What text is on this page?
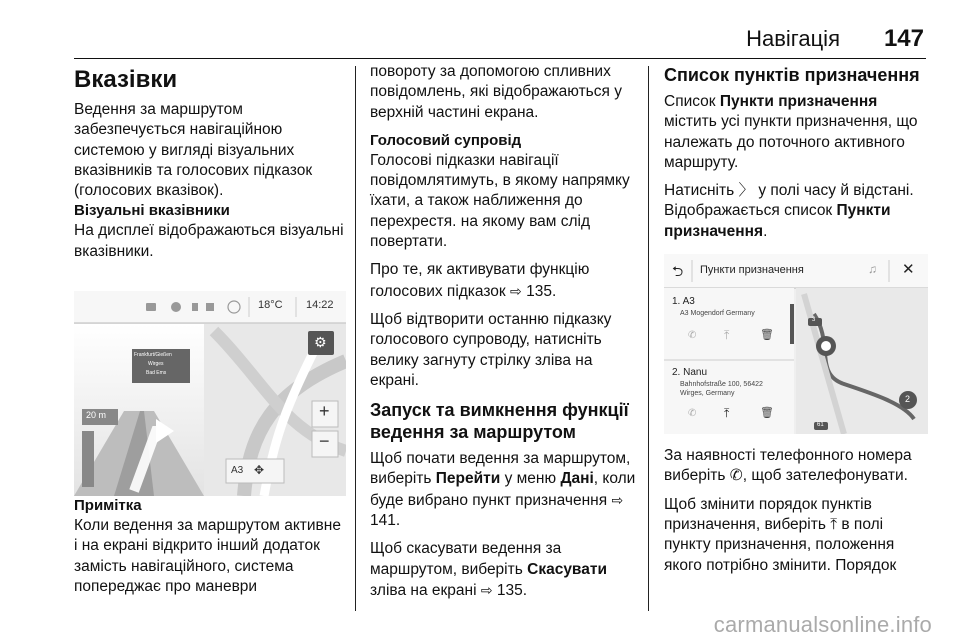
Навігація 147
Вказівки

Ведення за маршрутом забезпечується навігаційною системою у вигляді візуальних вказівників та голосових підказок (голосових вказівок).

Візуальні вказівники

На дисплеї відображаються візуальні вказівники.

18°C 14:22
Frankfurt/Gießen
Wirges
Bad Ems
20 m
⚙
+
−
A3 ✥
Примітка

Коли ведення за маршрутом активне і на екрані відкрито інший додаток замість навігаційного, система попереджає про маневри

повороту за допомогою спливних повідомлень, які відображаються у верхній частині екрана.

Голосовий супровід

Голосові підказки навігації повідомлятимуть, в якому напрямку їхати, а також наближення до перехрестя. на якому вам слід повертати.

Про те, як активувати функцію голосових підказок ⇨ 135.

Щоб відтворити останню підказку голосового супроводу, натисніть велику загнуту стрілку зліва на екрані.

Запуск та вимкнення функції ведення за маршрутом

Щоб почати ведення за маршрутом, виберіть Перейти у меню Дані, коли буде вибрано пункт призначення ⇨ 141.

Щоб скасувати ведення за маршрутом, виберіть Скасувати зліва на екрані ⇨ 135.

Список пунктів призначення

Список Пункти призначення містить усі пункти призначення, що належать до поточного активного маршруту.

Натисніть 〉 у полі часу й відстані. Відображається список Пункти призначення.

⮌ Пункти призначення	♫ ✕
1. A3
A3 Mogendorf Germany
✆ ⤒	🗑
2. Nanu
Bahnhofstraße 100, 56422
Wirges, Germany
✆ ⤒	🗑
3
2
61

За наявності телефонного номера виберіть ✆, щоб зателефонувати.

Щоб змінити порядок пунктів призначення, виберіть ⤒ в полі пункту призначення, положення якого потрібно змінити. Порядок

carmanualsonline.info
